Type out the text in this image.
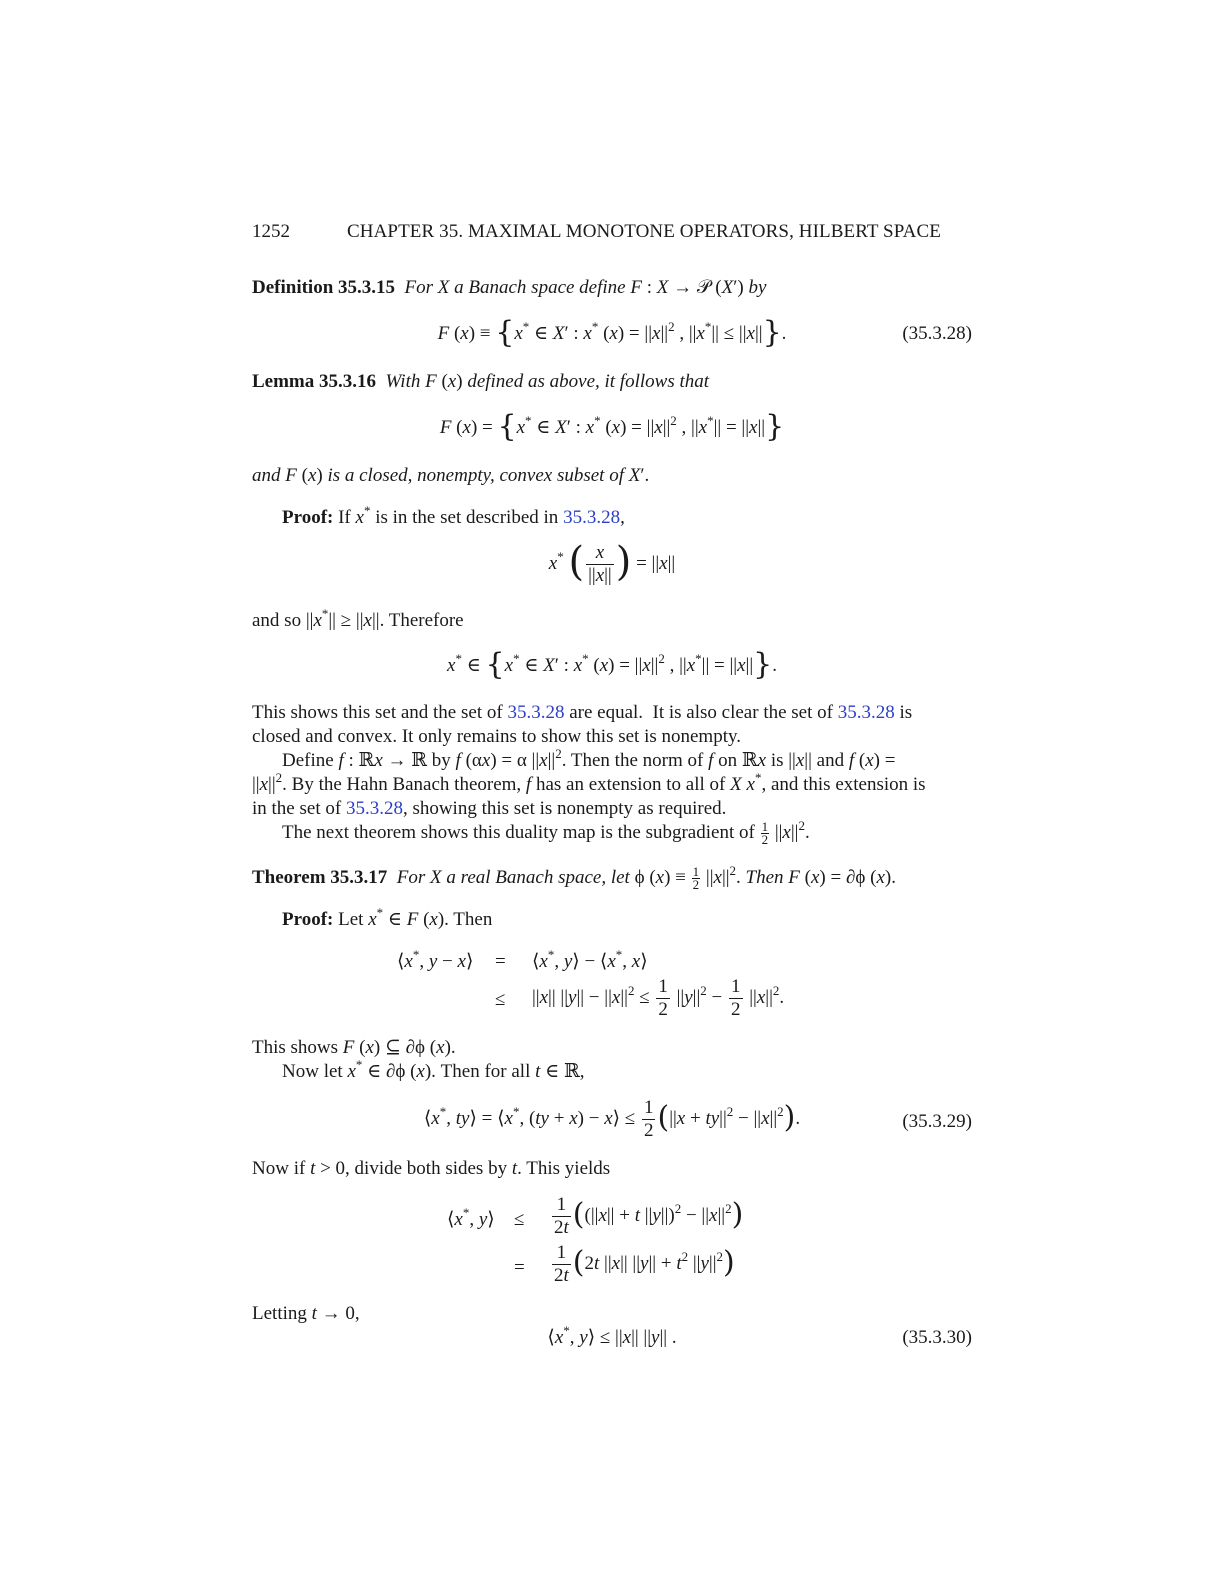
1252	CHAPTER 35. MAXIMAL MONOTONE OPERATORS, HILBERT SPACE
Definition 35.3.15 For X a Banach space define F : X → 𝒫 (X′) by
F (x) ≡ {x* ∈ X′ : x* $(x) = ||x||^2$ , ||x*|| ≤ ||x||}.	(35.3.28)
Lemma 35.3.16 With F (x) defined as above, it follows that
F (x) = {x* ∈ X′ : x* $(x) = ||x||^2$ , ||x*|| = ||x||}
and F (x) is a closed, nonempty, convex subset of X′.
Proof: If x* is in the set described in 35.3.28,
x* ( $\frac{x}{||x||}$ ) = ||x||
and so ||x*|| ≥ ||x||. Therefore
x* ∈ {x* ∈ X′ : x* $(x) = ||x||^2$ , ||x*|| = ||x||}.
This shows this set and the set of 35.3.28 are equal.  It is also clear the set of 35.3.28 is
closed and convex. It only remains to show this set is nonempty.
Define f : ℝx → ℝ by f (αx) = α $||x||^2$. Then the norm of f on ℝx is ||x|| and f (x) =
$||x||^2$. By the Hahn Banach theorem, f has an extension to all of X x*, and this extension is
in the set of 35.3.28, showing this set is nonempty as required.
The next theorem shows this duality map is the subgradient of $\frac{1}{2} ||x||^2$.
Theorem 35.3.17 For X a real Banach space, let ϕ $(x) \equiv \frac{1}{2} ||x||^2$. Then F (x) = ∂ϕ (x).
Proof: Let x* ∈ F (x). Then
⟨x*, y − x⟩ = ⟨x*, y⟩ − ⟨x*, x⟩
≤ ||x|| $||y|| - ||x||^2 \le \frac{1}{2} ||y||^2 - \frac{1}{2} ||x||^2$.
This shows F (x) ⊆ ∂ϕ (x).
Now let x* ∈ ∂ϕ (x). Then for all t ∈ ℝ,
⟨x*, ty⟩ = ⟨x*, (ty + x) − x⟩ ≤ $\frac{1}{2} (||x + ty||^2 - ||x||^2)$.	(35.3.29)
Now if t > 0, divide both sides by t. This yields
⟨x*, y⟩ ≤ $\frac{1}{2t} ((||x|| + t$ $||y||)^2 - ||x||^2$)
= $\frac{1}{2t} (2t$ ||x|| $||y|| + t^2$ $||y||^2$)
Letting t → 0,
⟨x*, y⟩ ≤ ||x|| ||y|| .	(35.3.30)
